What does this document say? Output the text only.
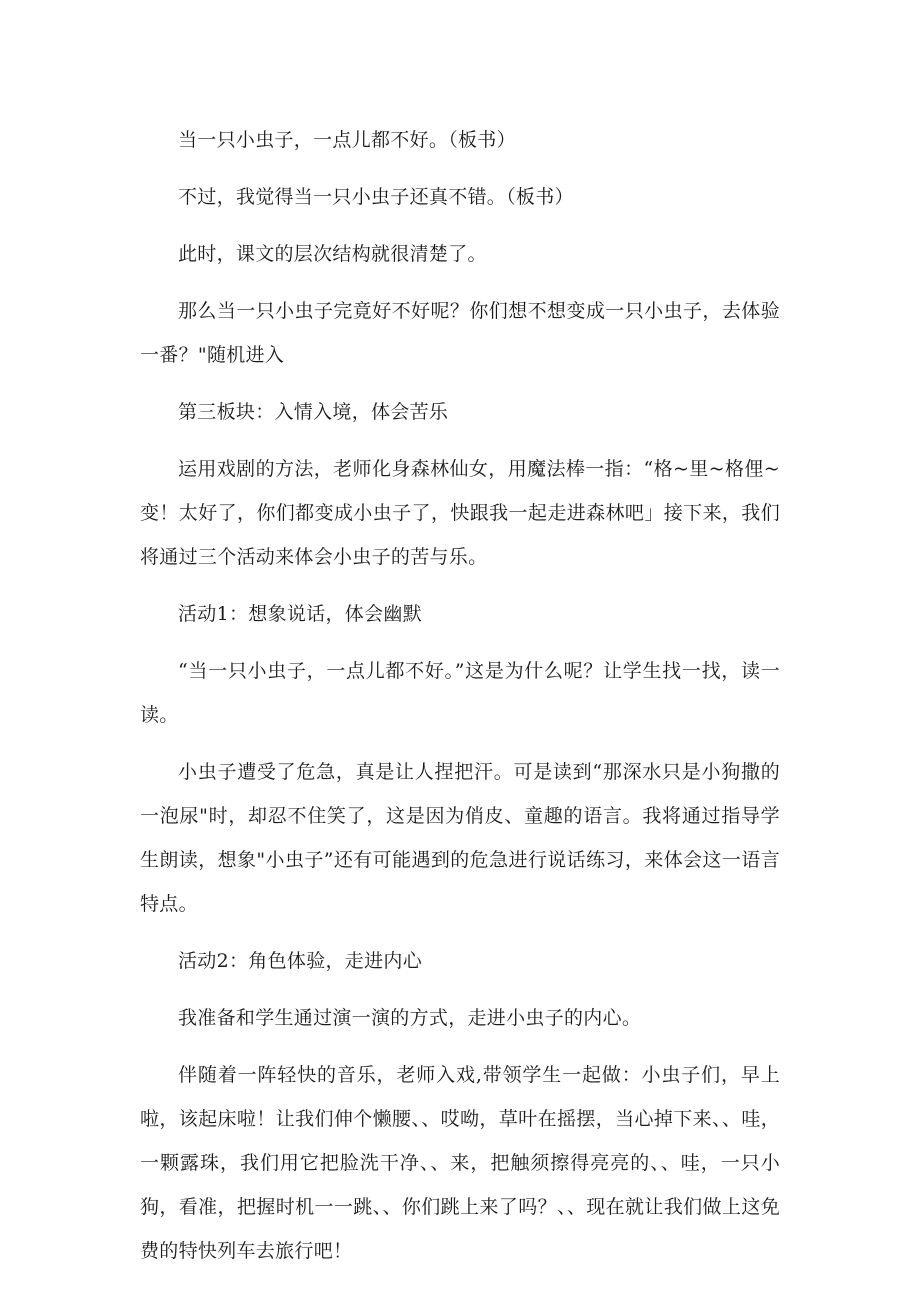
当一只小虫子，一点儿都不好。（板书）

不过，我觉得当一只小虫子还真不错。（板书）

此时，课文的层次结构就很清楚了。

那么当一只小虫子完竟好不好呢？你们想不想变成一只小虫子，去体验一番？"随机进入

第三板块：入情入境，体会苦乐

运用戏剧的方法，老师化身森林仙女，用魔法棒一指：“格~里~格俚~变！太好了，你们都变成小虫子了，快跟我一起走进森林吧」接下来，我们将通过三个活动来体会小虫子的苦与乐。

活动1：想象说话，体会幽默

“当一只小虫子，一点儿都不好。”这是为什么呢？让学生找一找，读一读。

小虫子遭受了危急，真是让人捏把汗。可是读到“那深水只是小狗撒的一泡尿"时，却忍不住笑了，这是因为俏皮、童趣的语言。我将通过指导学生朗读，想象"小虫子”还有可能遇到的危急进行说话练习，来体会这一语言特点。

活动2：角色体验，走进内心

我准备和学生通过演一演的方式，走进小虫子的内心。

伴随着一阵轻快的音乐，老师入戏,带领学生一起做：小虫子们，早上啦，该起床啦！让我们伸个懒腰、、哎呦，草叶在摇摆，当心掉下来、、哇，一颗露珠，我们用它把脸洗干净、、来，把触须擦得亮亮的、、哇，一只小狗，看准，把握时机一一跳、、你们跳上来了吗？、、现在就让我们做上这免费的特快列车去旅行吧！
